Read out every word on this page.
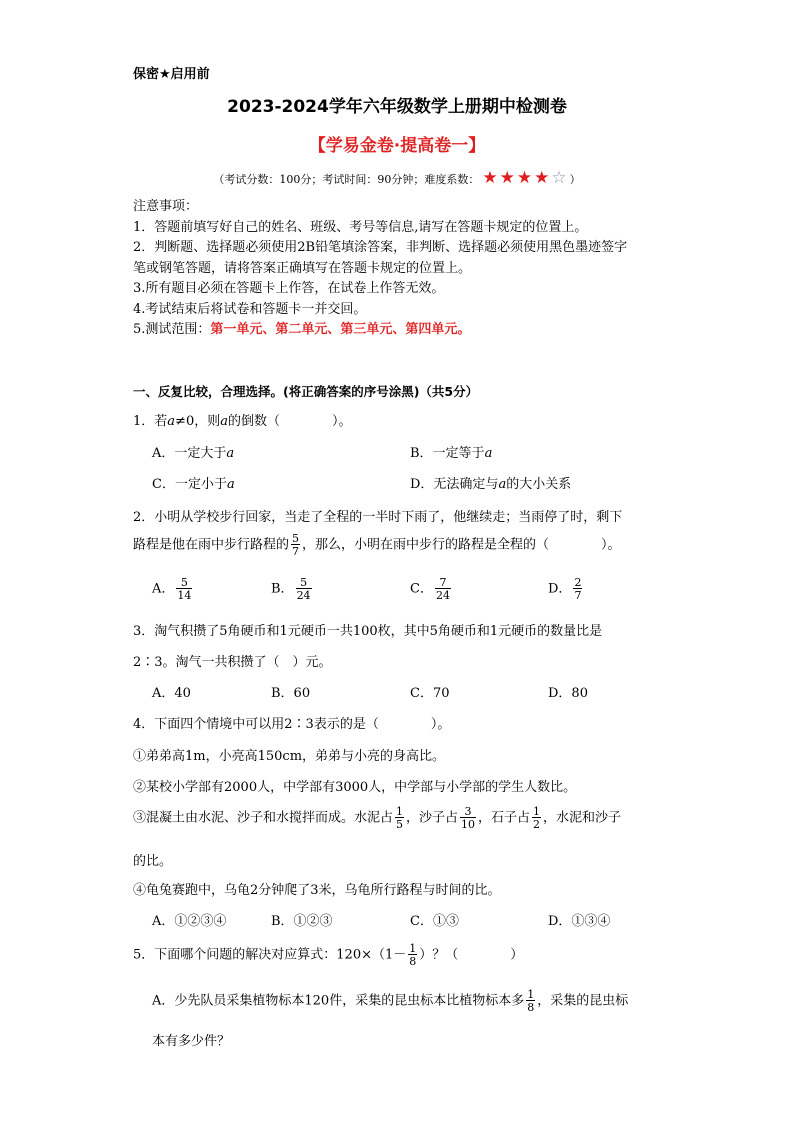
保密★启用前
2023-2024学年六年级数学上册期中检测卷
【学易金卷·提高卷一】
（考试分数：100分；考试时间：90分钟；难度系数： ★ ★ ★ ★ ☆ ）
注意事项：
1．答题前填写好自己的姓名、班级、考号等信息,请写在答题卡规定的位置上。
2．判断题、选择题必须使用2B铅笔填涂答案，非判断、选择题必须使用黑色墨迹签字
笔或钢笔答题，请将答案正确填写在答题卡规定的位置上。
3.所有题目必须在答题卡上作答，在试卷上作答无效。
4.考试结束后将试卷和答题卡一并交回。
5.测试范围：第一单元、第二单元、第三单元、第四单元。
一、反复比较，合理选择。(将正确答案的序号涂黑)（共5分）
1．若a≠0，则a的倒数（　　　　）。
A．一定大于a	B．一定等于a
C．一定小于a	D．无法确定与a的大小关系
2．小明从学校步行回家，当走了全程的一半时下雨了，他继续走；当雨停了时，剩下
路程是他在雨中步行路程的 $\frac{5}{7}$ ，那么，小明在雨中步行的路程是全程的（　　　　）。
A． $\frac{5}{14}$	B． $\frac{5}{24}$	C． $\frac{7}{24}$	D． $\frac{2}{7}$
3．淘气积攒了5角硬币和1元硬币一共100枚，其中5角硬币和1元硬币的数量比是
2∶3。淘气一共积攒了（　）元。
A．40	B．60	C．70	D．80
4．下面四个情境中可以用2∶3表示的是（　　　　）。
①弟弟高1m，小亮高150cm，弟弟与小亮的身高比。
②某校小学部有2000人，中学部有3000人，中学部与小学部的学生人数比。
③混凝土由水泥、沙子和水搅拌而成。水泥占 $\frac{1}{5}$ ，沙子占 $\frac{3}{10}$ ，石子占 $\frac{1}{2}$ ，水泥和沙子
的比。
④龟兔赛跑中，乌龟2分钟爬了3米，乌龟所行路程与时间的比。
A．①②③④	B．①②③	C．①③	D．①③④
5．下面哪个问题的解决对应算式：$120\times(1- \frac{1}{8}$ ）？（　　　　）
A．少先队员采集植物标本120件，采集的昆虫标本比植物标本多 $\frac{1}{8}$ ，采集的昆虫标
本有多少件？
